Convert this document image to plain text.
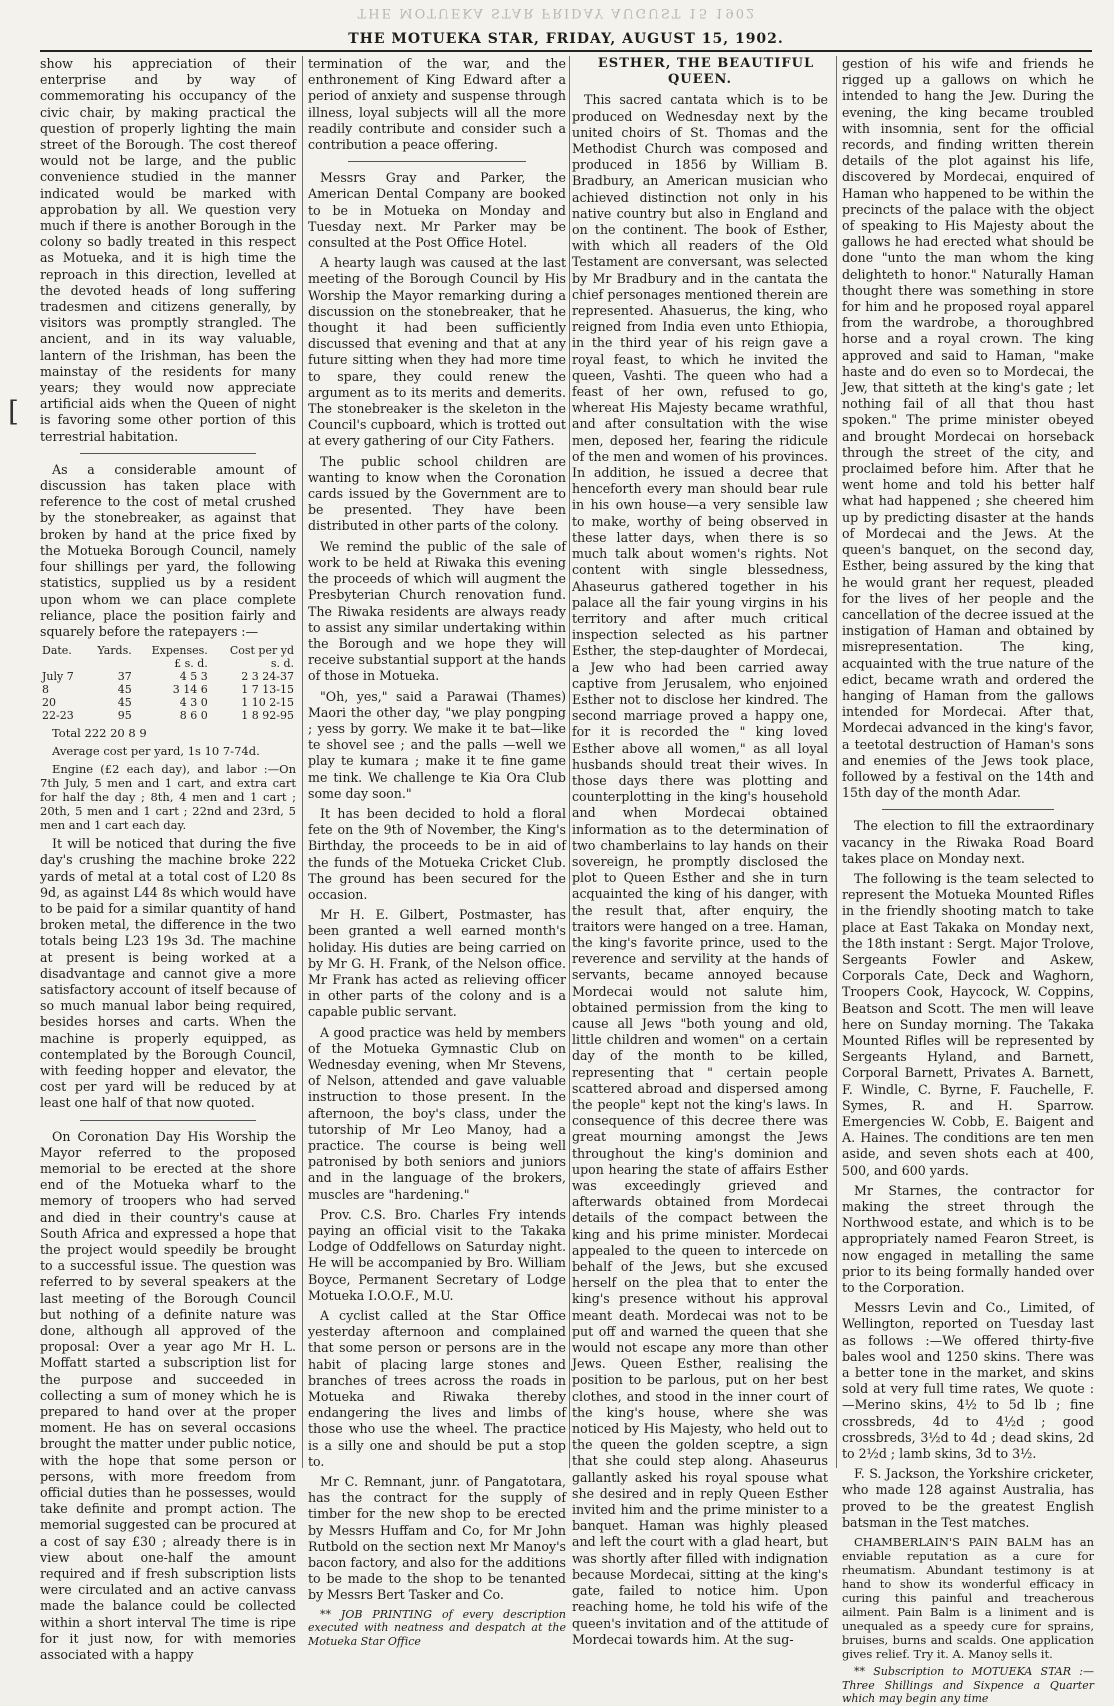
THE MOTUEKA STAR FRIDAY AUGUST 15 1902
THE MOTUEKA STAR, FRIDAY, AUGUST 15, 1902.
[

show his appreciation of their enterprise and by way of commemorating his occupancy of the civic chair, by making practical the question of properly lighting the main street of the Borough. The cost thereof would not be large, and the public convenience studied in the manner indicated would be marked with approbation by all. We question very much if there is another Borough in the colony so badly treated in this respect as Motueka, and it is high time the reproach in this direction, levelled at the devoted heads of long suffering tradesmen and citizens generally, by visitors was promptly strangled. The ancient, and in its way valuable, lantern of the Irishman, has been the mainstay of the residents for many years; they would now appreciate artificial aids when the Queen of night is favoring some other portion of this terrestrial habitation.

As a considerable amount of discussion has taken place with reference to the cost of metal crushed by the stonebreaker, as against that broken by hand at the price fixed by the Motueka Borough Council, namely four shillings per yard, the following statistics, supplied us by a resident upon whom we can place complete reliance, place the position fairly and squarely before the ratepayers :—

Date.	Yards.	Expenses.	Cost per yd
		£ s. d.	s. d.
July 7	37	4 5 3	2 3 24-37
8	45	3 14 6	1 7 13-15
20	45	4 3 0	1 10 2-15
22-23	95	8 6 0	1 8 92-95

Total 222 20 8 9

Average cost per yard, 1s 10 7-74d.

Engine (£2 each day), and labor :—On 7th July, 5 men and 1 cart, and extra cart for half the day ; 8th, 4 men and 1 cart ; 20th, 5 men and 1 cart ; 22nd and 23rd, 5 men and 1 cart each day.

It will be noticed that during the five day's crushing the machine broke 222 yards of metal at a total cost of L20 8s 9d, as against L44 8s which would have to be paid for a similar quantity of hand broken metal, the difference in the two totals being L23 19s 3d. The machine at present is being worked at a disadvantage and cannot give a more satisfactory account of itself because of so much manual labor being required, besides horses and carts. When the machine is properly equipped, as contemplated by the Borough Council, with feeding hopper and elevator, the cost per yard will be reduced by at least one half of that now quoted.

On Coronation Day His Worship the Mayor referred to the proposed memorial to be erected at the shore end of the Motueka wharf to the memory of troopers who had served and died in their country's cause at South Africa and expressed a hope that the project would speedily be brought to a successful issue. The question was referred to by several speakers at the last meeting of the Borough Council but nothing of a definite nature was done, although all approved of the proposal: Over a year ago Mr H. L. Moffatt started a subscription list for the purpose and succeeded in collecting a sum of money which he is prepared to hand over at the proper moment. He has on several occasions brought the matter under public notice, with the hope that some person or persons, with more freedom from official duties than he possesses, would take definite and prompt action. The memorial suggested can be procured at a cost of say £30 ; already there is in view about one-half the amount required and if fresh subscription lists were circulated and an active canvass made the balance could be collected within a short interval The time is ripe for it just now, for with memories associated with a happy

termination of the war, and the enthronement of King Edward after a period of anxiety and suspense through illness, loyal subjects will all the more readily contribute and consider such a contribution a peace offering.

Messrs Gray and Parker, the American Dental Company are booked to be in Motueka on Monday and Tuesday next. Mr Parker may be consulted at the Post Office Hotel.

A hearty laugh was caused at the last meeting of the Borough Council by His Worship the Mayor remarking during a discussion on the stonebreaker, that he thought it had been sufficiently discussed that evening and that at any future sitting when they had more time to spare, they could renew the argument as to its merits and demerits. The stonebreaker is the skeleton in the Council's cupboard, which is trotted out at every gathering of our City Fathers.

The public school children are wanting to know when the Coronation cards issued by the Government are to be presented. They have been distributed in other parts of the colony.

We remind the public of the sale of work to be held at Riwaka this evening the proceeds of which will augment the Presbyterian Church renovation fund. The Riwaka residents are always ready to assist any similar undertaking within the Borough and we hope they will receive substantial support at the hands of those in Motueka.

"Oh, yes," said a Parawai (Thames) Maori the other day, "we play pongping ; yess by gorry. We make it te bat—like te shovel see ; and the palls —well we play te kumara ; make it te fine game me tink. We challenge te Kia Ora Club some day soon."

It has been decided to hold a floral fete on the 9th of November, the King's Birthday, the proceeds to be in aid of the funds of the Motueka Cricket Club. The ground has been secured for the occasion.

Mr H. E. Gilbert, Postmaster, has been granted a well earned month's holiday. His duties are being carried on by Mr G. H. Frank, of the Nelson office. Mr Frank has acted as relieving officer in other parts of the colony and is a capable public servant.

A good practice was held by members of the Motueka Gymnastic Club on Wednesday evening, when Mr Stevens, of Nelson, attended and gave valuable instruction to those present. In the afternoon, the boy's class, under the tutorship of Mr Leo Manoy, had a practice. The course is being well patronised by both seniors and juniors and in the language of the brokers, muscles are "hardening."

Prov. C.S. Bro. Charles Fry intends paying an official visit to the Takaka Lodge of Oddfellows on Saturday night. He will be accompanied by Bro. William Boyce, Permanent Secretary of Lodge Motueka I.O.O.F., M.U.

A cyclist called at the Star Office yesterday afternoon and complained that some person or persons are in the habit of placing large stones and branches of trees across the roads in Motueka and Riwaka thereby endangering the lives and limbs of those who use the wheel. The practice is a silly one and should be put a stop to.

Mr C. Remnant, junr. of Pangatotara, has the contract for the supply of timber for the new shop to be erected by Messrs Huffam and Co, for Mr John Rutbold on the section next Mr Manoy's bacon factory, and also for the additions to be made to the shop to be tenanted by Messrs Bert Tasker and Co.

** JOB PRINTING of every description executed with neatness and despatch at the Motueka Star Office

ESTHER, THE BEAUTIFUL QUEEN.

This sacred cantata which is to be produced on Wednesday next by the united choirs of St. Thomas and the Methodist Church was composed and produced in 1856 by William B. Bradbury, an American musician who achieved distinction not only in his native country but also in England and on the continent. The book of Esther, with which all readers of the Old Testament are conversant, was selected by Mr Bradbury and in the cantata the chief personages mentioned therein are represented. Ahasuerus, the king, who reigned from India even unto Ethiopia, in the third year of his reign gave a royal feast, to which he invited the queen, Vashti. The queen who had a feast of her own, refused to go, whereat His Majesty became wrathful, and after consultation with the wise men, deposed her, fearing the ridicule of the men and women of his provinces. In addition, he issued a decree that henceforth every man should bear rule in his own house—a very sensible law to make, worthy of being observed in these latter days, when there is so much talk about women's rights. Not content with single blessedness, Ahaseurus gathered together in his palace all the fair young virgins in his territory and after much critical inspection selected as his partner Esther, the step-daughter of Mordecai, a Jew who had been carried away captive from Jerusalem, who enjoined Esther not to disclose her kindred. The second marriage proved a happy one, for it is recorded the " king loved Esther above all women," as all loyal husbands should treat their wives. In those days there was plotting and counterplotting in the king's household and when Mordecai obtained information as to the determination of two chamberlains to lay hands on their sovereign, he promptly disclosed the plot to Queen Esther and she in turn acquainted the king of his danger, with the result that, after enquiry, the traitors were hanged on a tree. Haman, the king's favorite prince, used to the reverence and servility at the hands of servants, became annoyed because Mordecai would not salute him, obtained permission from the king to cause all Jews "both young and old, little children and women" on a certain day of the month to be killed, representing that " certain people scattered abroad and dispersed among the people" kept not the king's laws. In consequence of this decree there was great mourning amongst the Jews throughout the king's dominion and upon hearing the state of affairs Esther was exceedingly grieved and afterwards obtained from Mordecai details of the compact between the king and his prime minister. Mordecai appealed to the queen to intercede on behalf of the Jews, but she excused herself on the plea that to enter the king's presence without his approval meant death. Mordecai was not to be put off and warned the queen that she would not escape any more than other Jews. Queen Esther, realising the position to be parlous, put on her best clothes, and stood in the inner court of the king's house, where she was noticed by His Majesty, who held out to the queen the golden sceptre, a sign that she could step along. Ahaseurus gallantly asked his royal spouse what she desired and in reply Queen Esther invited him and the prime minister to a banquet. Haman was highly pleased and left the court with a glad heart, but was shortly after filled with indignation because Mordecai, sitting at the king's gate, failed to notice him. Upon reaching home, he told his wife of the queen's invitation and of the attitude of Mordecai towards him. At the sug-

gestion of his wife and friends he rigged up a gallows on which he intended to hang the Jew. During the evening, the king became troubled with insomnia, sent for the official records, and finding written therein details of the plot against his life, discovered by Mordecai, enquired of Haman who happened to be within the precincts of the palace with the object of speaking to His Majesty about the gallows he had erected what should be done "unto the man whom the king delighteth to honor." Naturally Haman thought there was something in store for him and he proposed royal apparel from the wardrobe, a thoroughbred horse and a royal crown. The king approved and said to Haman, "make haste and do even so to Mordecai, the Jew, that sitteth at the king's gate ; let nothing fail of all that thou hast spoken." The prime minister obeyed and brought Mordecai on horseback through the street of the city, and proclaimed before him. After that he went home and told his better half what had happened ; she cheered him up by predicting disaster at the hands of Mordecai and the Jews. At the queen's banquet, on the second day, Esther, being assured by the king that he would grant her request, pleaded for the lives of her people and the cancellation of the decree issued at the instigation of Haman and obtained by misrepresentation. The king, acquainted with the true nature of the edict, became wrath and ordered the hanging of Haman from the gallows intended for Mordecai. After that, Mordecai advanced in the king's favor, a teetotal destruction of Haman's sons and enemies of the Jews took place, followed by a festival on the 14th and 15th day of the month Adar.

The election to fill the extraordinary vacancy in the Riwaka Road Board takes place on Monday next.

The following is the team selected to represent the Motueka Mounted Rifles in the friendly shooting match to take place at East Takaka on Monday next, the 18th instant : Sergt. Major Trolove, Sergeants Fowler and Askew, Corporals Cate, Deck and Waghorn, Troopers Cook, Haycock, W. Coppins, Beatson and Scott. The men will leave here on Sunday morning. The Takaka Mounted Rifles will be represented by Sergeants Hyland, and Barnett, Corporal Barnett, Privates A. Barnett, F. Windle, C. Byrne, F. Fauchelle, F. Symes, R. and H. Sparrow. Emergencies W. Cobb, E. Baigent and A. Haines. The conditions are ten men aside, and seven shots each at 400, 500, and 600 yards.

Mr Starnes, the contractor for making the street through the Northwood estate, and which is to be appropriately named Fearon Street, is now engaged in metalling the same prior to its being formally handed over to the Corporation.

Messrs Levin and Co., Limited, of Wellington, reported on Tuesday last as follows :—We offered thirty-five bales wool and 1250 skins. There was a better tone in the market, and skins sold at very full time rates, We quote :—Merino skins, 4½ to 5d lb ; fine crossbreds, 4d to 4½d ; good crossbreds, 3½d to 4d ; dead skins, 2d to 2½d ; lamb skins, 3d to 3½.

F. S. Jackson, the Yorkshire cricketer, who made 128 against Australia, has proved to be the greatest English batsman in the Test matches.

CHAMBERLAIN'S PAIN BALM has an enviable reputation as a cure for rheumatism. Abundant testimony is at hand to show its wonderful efficacy in curing this painful and treacherous ailment. Pain Balm is a liniment and is unequaled as a speedy cure for sprains, bruises, burns and scalds. One application gives relief. Try it. A. Manoy sells it.

** Subscription to MOTUEKA STAR :— Three Shillings and Sixpence a Quarter which may begin any time
